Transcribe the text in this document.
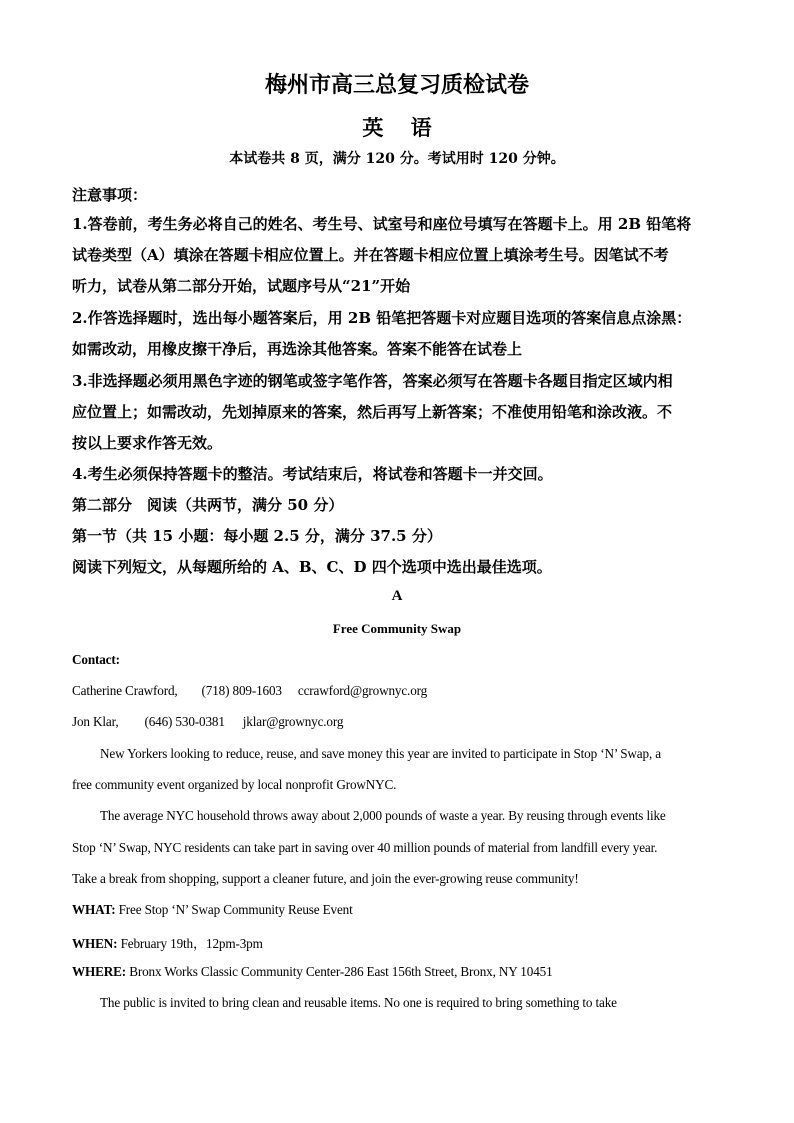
梅州市高三总复习质检试卷
英 语
本试卷共 8 页，满分 120 分。考试用时 120 分钟。
注意事项：
1.答卷前，考生务必将自己的姓名、考生号、试室号和座位号填写在答题卡上。用 2B 铅笔将
试卷类型（A）填涂在答题卡相应位置上。并在答题卡相应位置上填涂考生号。因笔试不考
听力，试卷从第二部分开始，试题序号从“21”开始
2.作答选择题时，选出每小题答案后，用 2B 铅笔把答题卡对应题目选项的答案信息点涂黑：
如需改动，用橡皮擦干净后，再选涂其他答案。答案不能答在试卷上
3.非选择题必须用黑色字迹的钢笔或签字笔作答，答案必须写在答题卡各题目指定区域内相
应位置上；如需改动，先划掉原来的答案，然后再写上新答案；不准使用铅笔和涂改液。不
按以上要求作答无效。
4.考生必须保持答题卡的整洁。考试结束后，将试卷和答题卡一并交回。
第二部分　阅读（共两节，满分 50 分）
第一节（共 15 小题：每小题 2.5 分，满分 37.5 分）
阅读下列短文，从每题所给的 A、B、C、D 四个选项中选出最佳选项。
A
Free Community Swap
Contact:
Catherine Crawford, (718) 809-1603 ccrawford@grownyc.org
Jon Klar, (646) 530-0381 jklar@grownyc.org
New Yorkers looking to reduce, reuse, and save money this year are invited to participate in Stop ‘N’ Swap, a
free community event organized by local nonprofit GrowNYC.
The average NYC household throws away about 2,000 pounds of waste a year. By reusing through events like
Stop ‘N’ Swap, NYC residents can take part in saving over 40 million pounds of material from landfill every year.
Take a break from shopping, support a cleaner future, and join the ever-growing reuse community!
WHAT: Free Stop ‘N’ Swap Community Reuse Event
WHEN: February 19th，12pm-3pm
WHERE: Bronx Works Classic Community Center-286 East 156th Street, Bronx, NY 10451
The public is invited to bring clean and reusable items. No one is required to bring something to take
